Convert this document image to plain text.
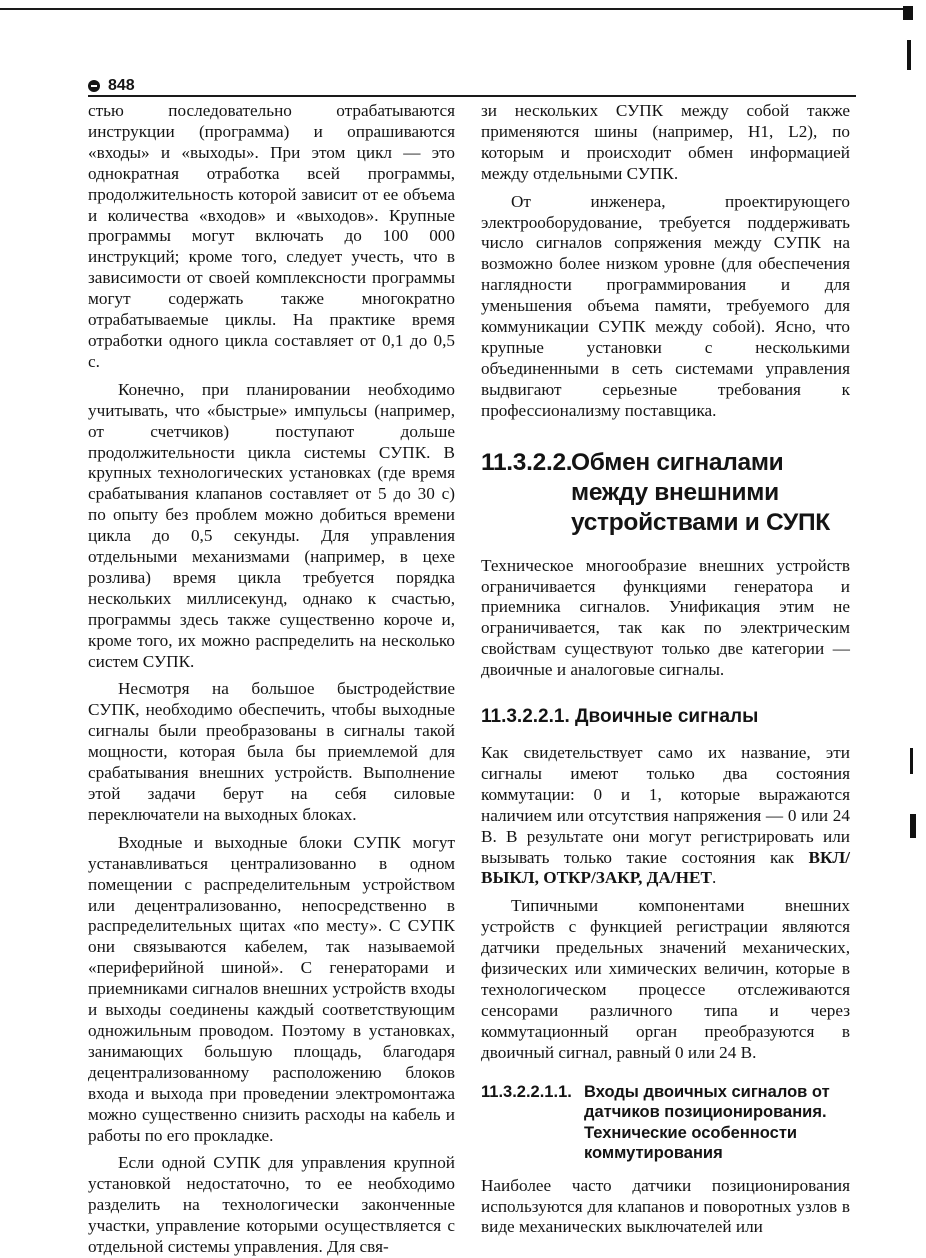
848

стью последовательно отрабатываются инструкции (программа) и опрашиваются «входы» и «выходы». При этом цикл — это однократная отработка всей программы, продолжительность которой зависит от ее объема и количества «входов» и «выходов». Крупные программы могут включать до 100 000 инструкций; кроме того, следует учесть, что в зависимости от своей комплексности программы могут содержать также многократно отрабатываемые циклы. На практике время отработки одного цикла составляет от 0,1 до 0,5 с.

Конечно, при планировании необходимо учитывать, что «быстрые» импульсы (например, от счетчиков) поступают дольше продолжительности цикла системы СУПК. В крупных технологических установках (где время срабатывания клапанов составляет от 5 до 30 с) по опыту без проблем можно добиться времени цикла до 0,5 секунды. Для управления отдельными механизмами (например, в цехе розлива) время цикла требуется порядка нескольких миллисекунд, однако к счастью, программы здесь также существенно короче и, кроме того, их можно распределить на несколько систем СУПК.

Несмотря на большое быстродействие СУПК, необходимо обеспечить, чтобы выходные сигналы были преобразованы в сигналы такой мощности, которая была бы приемлемой для срабатывания внешних устройств. Выполнение этой задачи берут на себя силовые переключатели на выходных блоках.

Входные и выходные блоки СУПК могут устанавливаться централизованно в одном помещении с распределительным устройством или децентрализованно, непосредственно в распределительных щитах «по месту». С СУПК они связываются кабелем, так называемой «периферийной шиной». С генераторами и приемниками сигналов внешних устройств входы и выходы соединены каждый соответствующим одножильным проводом. Поэтому в установках, занимающих большую площадь, благодаря децентрализованному расположению блоков входа и выхода при проведении электромонтажа можно существенно снизить расходы на кабель и работы по его прокладке.

Если одной СУПК для управления крупной установкой недостаточно, то ее необходимо разделить на технологически законченные участки, управление которыми осуществляется с отдельной системы управления. Для свя-

зи нескольких СУПК между собой также применяются шины (например, H1, L2), по которым и происходит обмен информацией между отдельными СУПК.

От инженера, проектирующего электрооборудование, требуется поддерживать число сигналов сопряжения между СУПК на возможно более низком уровне (для обеспечения наглядности программирования и для уменьшения объема памяти, требуемого для коммуникации СУПК между собой). Ясно, что крупные установки с несколькими объединенными в сеть системами управления выдвигают серьезные требования к профессионализму поставщика.

11.3.2.2.
Обмен сигналами между внешними устройствами и СУПК

Техническое многообразие внешних устройств ограничивается функциями генератора и приемника сигналов. Унификация этим не ограничивается, так как по электрическим свойствам существуют только две категории — двоичные и аналоговые сигналы.

11.3.2.2.1. Двоичные сигналы

Как свидетельствует само их название, эти сигналы имеют только два состояния коммутации: 0 и 1, которые выражаются наличием или отсутствия напряжения — 0 или 24 В. В результате они могут регистрировать или вызывать только такие состояния как ВКЛ/ВЫКЛ, ОТКР/ЗАКР, ДА/НЕТ.

Типичными компонентами внешних устройств с функцией регистрации являются датчики предельных значений механических, физических или химических величин, которые в технологическом процессе отслеживаются сенсорами различного типа и через коммутационный орган преобразуются в двоичный сигнал, равный 0 или 24 В.

11.3.2.2.1.1. Входы двоичных сигналов от датчиков позиционирования. Технические особенности коммутирования

Наиболее часто датчики позиционирования используются для клапанов и поворотных узлов в виде механических выключателей или
